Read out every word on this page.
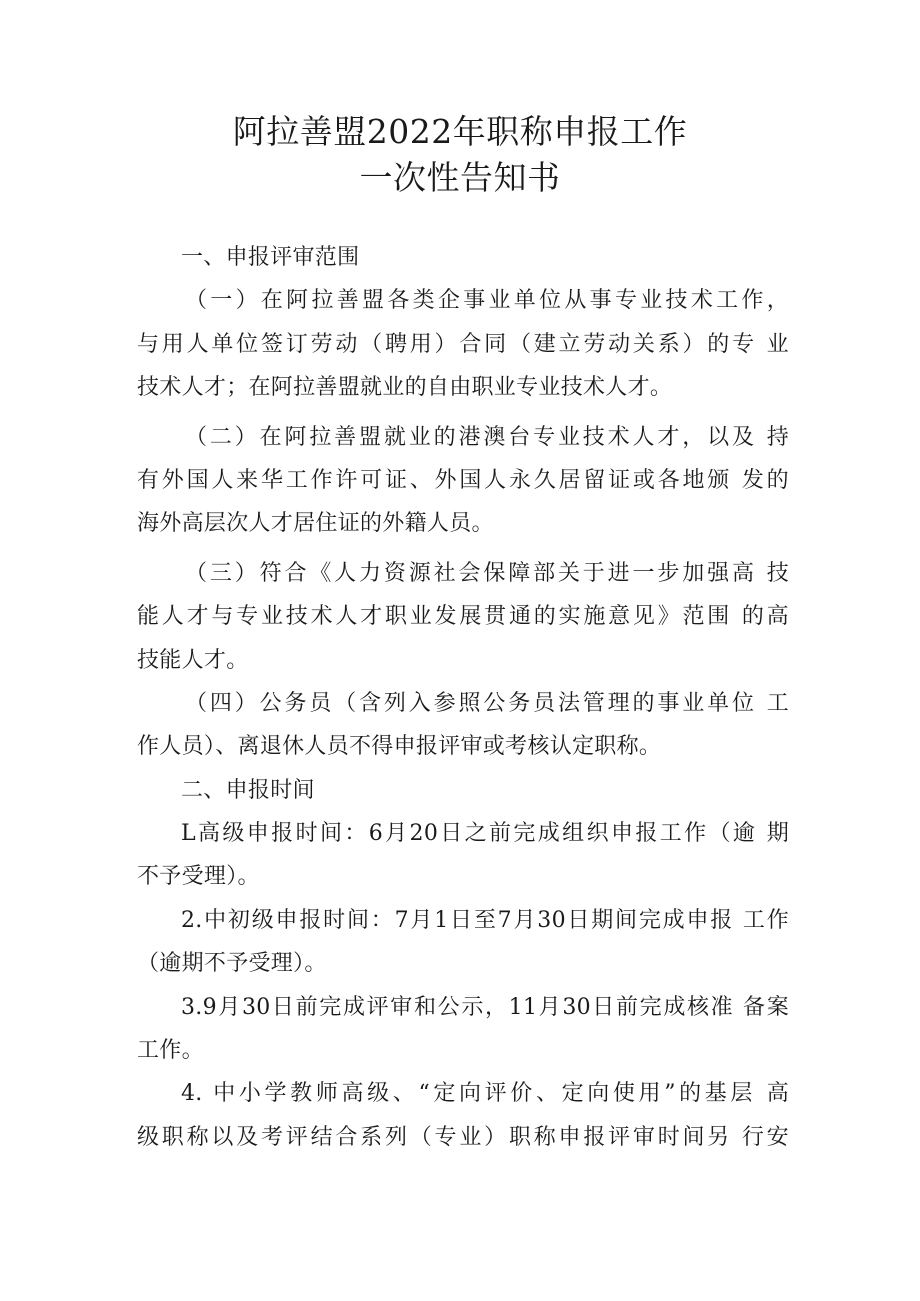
阿拉善盟2022年职称申报工作
一次性告知书
一、申报评审范围
（一）在阿拉善盟各类企事业单位从事专业技术工作，
与用人单位签订劳动（聘用）合同（建立劳动关系）的专 业
技术人才；在阿拉善盟就业的自由职业专业技术人才。
（二）在阿拉善盟就业的港澳台专业技术人才，以及 持
有外国人来华工作许可证、外国人永久居留证或各地颁 发的
海外高层次人才居住证的外籍人员。
（三）符合《人力资源社会保障部关于进一步加强高 技
能人才与专业技术人才职业发展贯通的实施意见》范围 的高
技能人才。
（四）公务员（含列入参照公务员法管理的事业单位 工
作人员）、离退休人员不得申报评审或考核认定职称。
二、申报时间
L高级申报时间：6月20日之前完成组织申报工作（逾 期
不予受理）。
2.中初级申报时间：7月1日至7月30日期间完成申报 工作
（逾期不予受理）。
3.9月30日前完成评审和公示，11月30日前完成核准 备案
工作。
4. 中小学教师高级、“定向评价、定向使用”的基层 高
级职称以及考评结合系列（专业）职称申报评审时间另 行安
